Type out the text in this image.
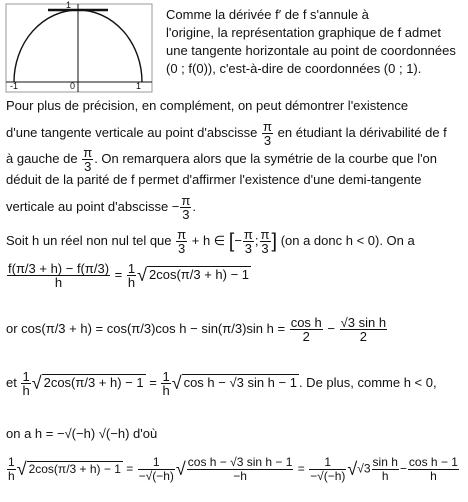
1
-1	0	1
Comme la dérivée f′ de f s'annule à
l'origine, la représentation graphique de f admet
une tangente horizontale au point de coordonnées
(0 ; f(0)), c'est-à-dire de coordonnées (0 ; 1).
Pour plus de précision, en complément, on peut démontrer l'existence
d'une tangente verticale au point d'abscisse $\frac{\pi}{3}$ en étudiant la dérivabilité de f
à gauche de $\frac{\pi}{3}$ . On remarquera alors que la symétrie de la courbe que l'on
déduit de la parité de f permet d'affirmer l'existence d'une demi-tangente
verticale au point d'abscisse − $\frac{\pi}{3}$ .
Soit h un réel non nul tel que $\frac{\pi}{3} + h$ ∈ [− $\frac{\pi}{3}$ ; $\frac{\pi}{3}$ ] (on a donc h < 0). On a
$\frac{f(\pi/3 + h) - f(\pi/3)}{h} = \frac{1}{h}$ √ 2cos(π/3 + h) − 1
or cos(π/3 + h) = cos(π/3)cos h − sin(π/3)sin $h = \frac{\text{cos h}}{2} - \frac{\text{√3 sin h}}{2}$
et $\frac{1}{h}$ √ $2\cos(\pi/3 + h) - 1 = \frac{1}{h}$ √ cos h − √3 sin h − 1 . De plus, comme h < 0,
on a h = −√(−h) √(−h) d'où
$\frac{1}{h}$ √ $2\cos(\pi/3 + h) - 1 = \frac{1}{-√(-h)}$ √ $\frac{\text{cos h − √3 sin h − 1}}{-h} = \frac{1}{-√(-h)} √√3 \frac{\text{sin h}}{h} - \frac{\text{cos h − 1}}{h}$
